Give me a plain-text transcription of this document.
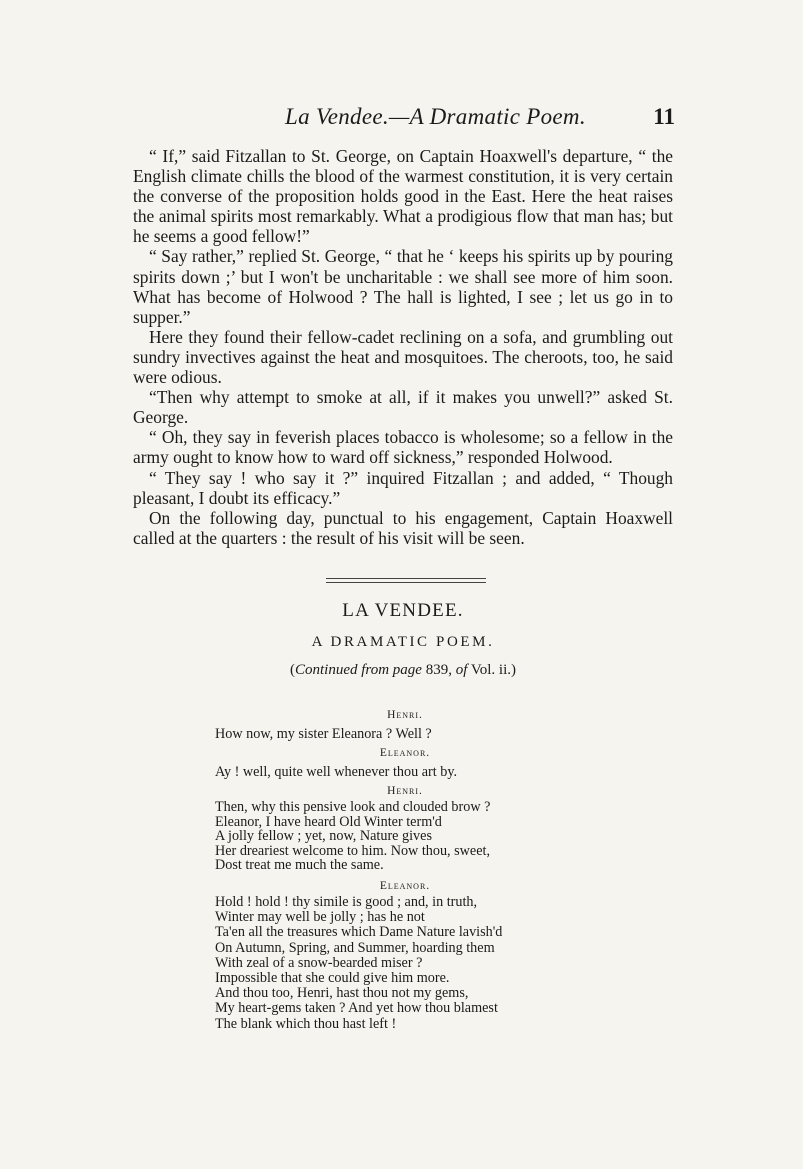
La Vendee.—A Dramatic Poem.	11

“ If,” said Fitzallan to St. George, on Captain Hoaxwell's departure, “ the English climate chills the blood of the warmest constitution, it is very certain the converse of the proposition holds good in the East. Here the heat raises the animal spirits most remarkably. What a prodigious flow that man has; but he seems a good fellow!”

“ Say rather,” replied St. George, “ that he ‘ keeps his spirits up by pouring spirits down ;’ but I won't be uncharitable : we shall see more of him soon. What has become of Holwood ? The hall is lighted, I see ; let us go in to supper.”

Here they found their fellow-cadet reclining on a sofa, and grumbling out sundry invectives against the heat and mosquitoes. The cheroots, too, he said were odious.

“Then why attempt to smoke at all, if it makes you unwell?” asked St. George.

“ Oh, they say in feverish places tobacco is wholesome; so a fellow in the army ought to know how to ward off sickness,” responded Holwood.

“ They say ! who say it ?” inquired Fitzallan ; and added, “ Though pleasant, I doubt its efficacy.”

On the following day, punctual to his engagement, Captain Hoaxwell called at the quarters : the result of his visit will be seen.

LA VENDEE.
A DRAMATIC POEM.
(Continued from page 839, of Vol. ii.)

Henri.

How now, my sister Eleanora ? Well ?

Eleanor.

Ay ! well, quite well whenever thou art by.

Henri.

Then, why this pensive look and clouded brow ?

Eleanor, I have heard Old Winter term'd

A jolly fellow ; yet, now, Nature gives

Her dreariest welcome to him. Now thou, sweet,

Dost treat me much the same.

Eleanor.

Hold ! hold ! thy simile is good ; and, in truth,

Winter may well be jolly ; has he not

Ta'en all the treasures which Dame Nature lavish'd

On Autumn, Spring, and Summer, hoarding them

With zeal of a snow-bearded miser ?

Impossible that she could give him more.

And thou too, Henri, hast thou not my gems,

My heart-gems taken ? And yet how thou blamest

The blank which thou hast left !
